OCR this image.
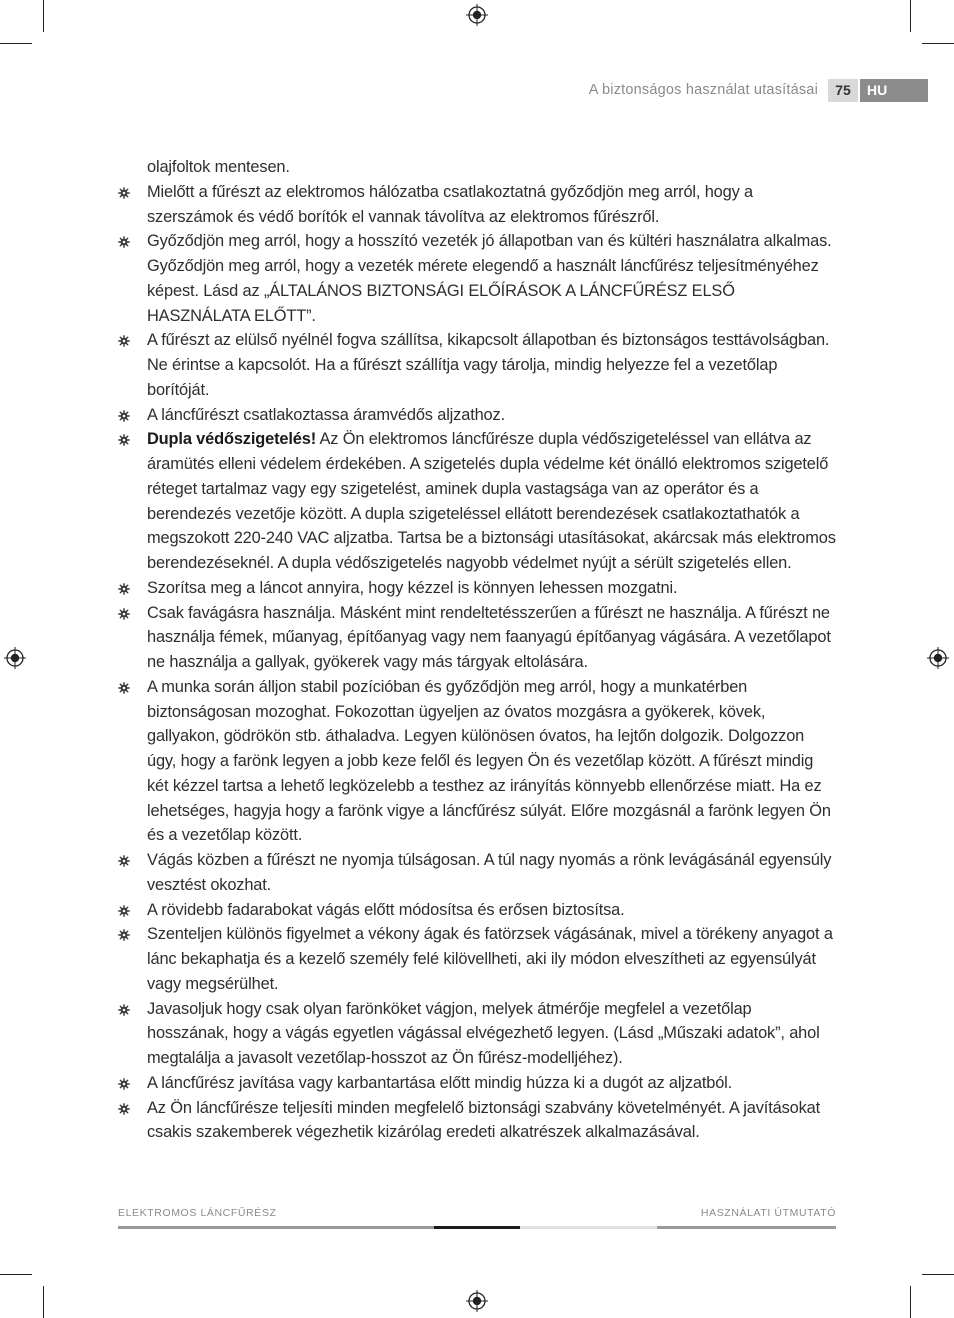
A biztonságos használat utasításai	75	HU
olajfoltok mentesen.
Mielőtt a fűrészt az elektromos hálózatba csatlakoztatná győződjön meg arról, hogy a szerszámok és védő borítók el vannak távolítva az elektromos fűrészről.
Győződjön meg arról, hogy a hosszító vezeték jó állapotban van és kültéri használatra alkalmas. Győződjön meg arról, hogy a vezeték mérete elegendő a használt láncfűrész teljesítményéhez képest. Lásd az „ÁLTALÁNOS BIZTONSÁGI ELŐÍRÁSOK A LÁNCFŰRÉSZ ELSŐ HASZNÁLATA ELŐTT”.
A fűrészt az elülső nyélnél fogva szállítsa, kikapcsolt állapotban és biztonságos testtávolságban. Ne érintse a kapcsolót. Ha a fűrészt szállítja vagy tárolja, mindig helyezze fel a vezetőlap borítóját.
A láncfűrészt csatlakoztassa áramvédős aljzathoz.
Dupla védőszigetelés! Az Ön elektromos láncfűrésze dupla védőszigeteléssel van ellátva az áramütés elleni védelem érdekében. A szigetelés dupla védelme két önálló elektromos szigetelő réteget tartalmaz vagy egy szigetelést, aminek dupla vastagsága van az operátor és a berendezés vezetője között. A dupla szigeteléssel ellátott berendezések csatlakoztathatók a megszokott 220-240 VAC aljzatba. Tartsa be a biztonsági utasításokat, akárcsak más elektromos berendezéseknél. A dupla védőszigetelés nagyobb védelmet nyújt a sérült szigetelés ellen.
Szorítsa meg a láncot annyira, hogy kézzel is könnyen lehessen mozgatni.
Csak favágásra használja. Másként mint rendeltetésszerűen a fűrészt ne használja. A fűrészt ne használja fémek, műanyag, építőanyag vagy nem faanyagú építőanyag vágására. A vezetőlapot ne használja a gallyak, gyökerek vagy más tárgyak eltolására.
A munka során álljon stabil pozícióban és győződjön meg arról, hogy a munkatérben biztonságosan mozoghat. Fokozottan ügyeljen az óvatos mozgásra a gyökerek, kövek, gallyakon, gödrökön stb. áthaladva. Legyen különösen óvatos, ha lejtőn dolgozik. Dolgozzon úgy, hogy a farönk legyen a jobb keze felől és legyen Ön és vezetőlap között. A fűrészt mindig két kézzel tartsa a lehető legközelebb a testhez az irányítás könnyebb ellenőrzése miatt. Ha ez lehetséges, hagyja hogy a farönk vigye a láncfűrész súlyát. Előre mozgásnál a farönk legyen Ön és a vezetőlap között.
Vágás közben a fűrészt ne nyomja túlságosan. A túl nagy nyomás a rönk levágásánál egyensúly vesztést okozhat.
A rövidebb fadarabokat vágás előtt módosítsa és erősen biztosítsa.
Szenteljen különös figyelmet a vékony ágak és fatörzsek vágásának, mivel a törékeny anyagot a lánc bekaphatja és a kezelő személy felé kilövellheti, aki ily módon elveszítheti az egyensúlyát vagy megsérülhet.
Javasoljuk hogy csak olyan farönköket vágjon, melyek átmérője megfelel a vezetőlap hosszának, hogy a vágás egyetlen vágással elvégezhető legyen. (Lásd „Műszaki adatok”, ahol megtalálja a javasolt vezetőlap-hosszot az Ön fűrész-modelljéhez).
A láncfűrész javítása vagy karbantartása előtt mindig húzza ki a dugót az aljzatból.
Az Ön láncfűrésze teljesíti minden megfelelő biztonsági szabvány követelményét. A javításokat csakis szakemberek végezhetik kizárólag eredeti alkatrészek alkalmazásával.
ELEKTROMOS LÁNCFŰRÉSZ	HASZNÁLATI ÚTMUTATÓ
